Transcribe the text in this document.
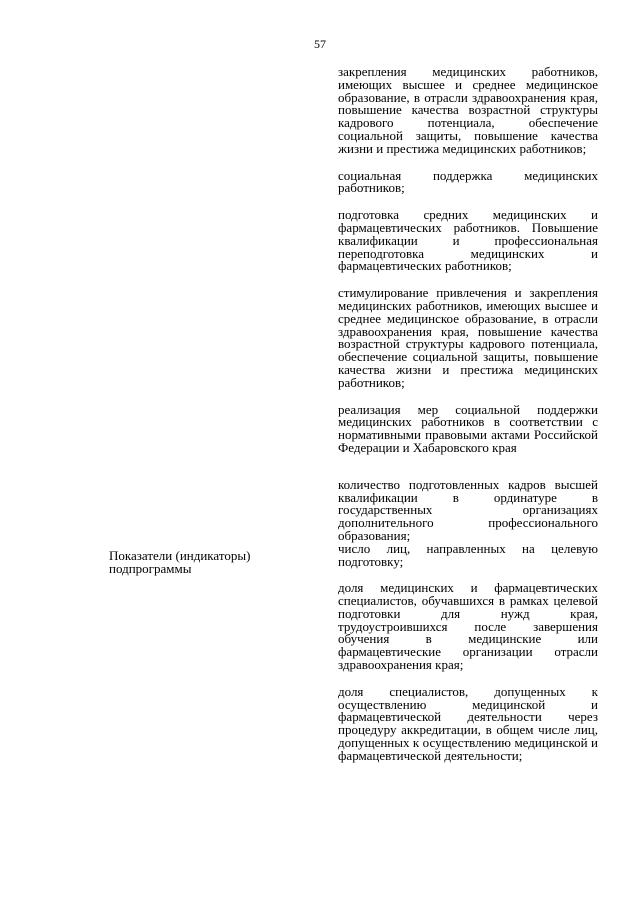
57
Показатели (индикаторы) подпрограммы

закрепления медицинских работников, имеющих высшее и среднее медицинское образование, в отрасли здравоохранения края, повышение качества возрастной структуры кадрового потенциала, обеспечение социальной защиты, повышение качества жизни и престижа медицинских работников;

социальная поддержка медицинских работников;

подготовка средних медицинских и фармацевтических работников. Повышение квалификации и профессиональная переподготовка медицинских и фармацевтических работников;

стимулирование привлечения и закрепления медицинских работников, имеющих высшее и среднее медицинское образование, в отрасли здравоохранения края, повышение качества возрастной структуры кадрового потенциала, обеспечение социальной защиты, повышение качества жизни и престижа медицинских работников;

реализация мер социальной поддержки медицинских работников в соответствии с нормативными правовыми актами Российской Федерации и Хабаровского края

количество подготовленных кадров высшей квалификации в ординатуре в государственных организациях дополнительного профессионального образования;

число лиц, направленных на целевую подготовку;

доля медицинских и фармацевтических специалистов, обучавшихся в рамках целевой подготовки для нужд края, трудоустроившихся после завершения обучения в медицинские или фармацевтические организации отрасли здравоохранения края;

доля специалистов, допущенных к осуществлению медицинской и фармацевтической деятельности через процедуру аккредитации, в общем числе лиц, допущенных к осуществлению медицинской и фармацевтической деятельности;
